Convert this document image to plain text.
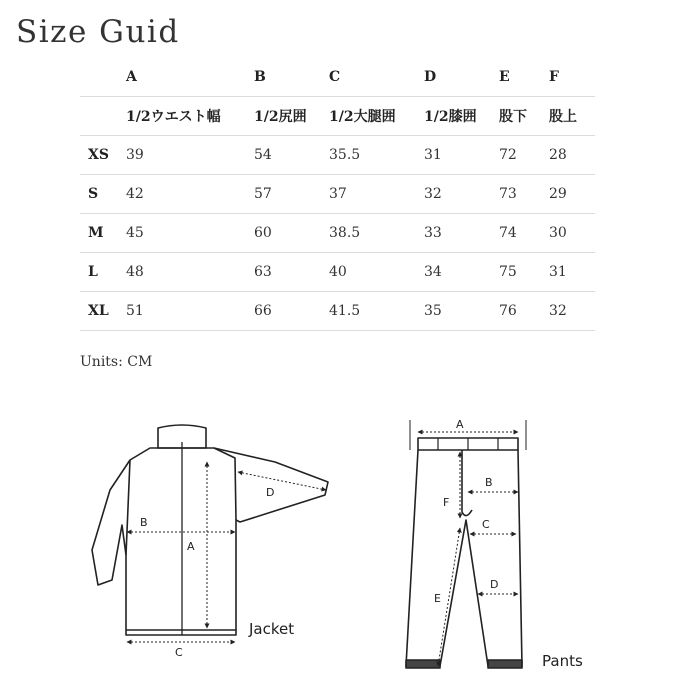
Size Guid
	A	B	C	D	E	F
	1/2ウエスト幅	1/2尻囲	1/2大腿囲	1/2膝囲	股下	股上
XS	39	54	35.5	31	72	28
S	42	57	37	32	73	29
M	45	60	38.5	33	74	30
L	48	63	40	34	75	31
XL	51	66	41.5	35	76	32
Units: CM
B
A
C
D
Jacket
A
B
F
C
D
E
Pants
